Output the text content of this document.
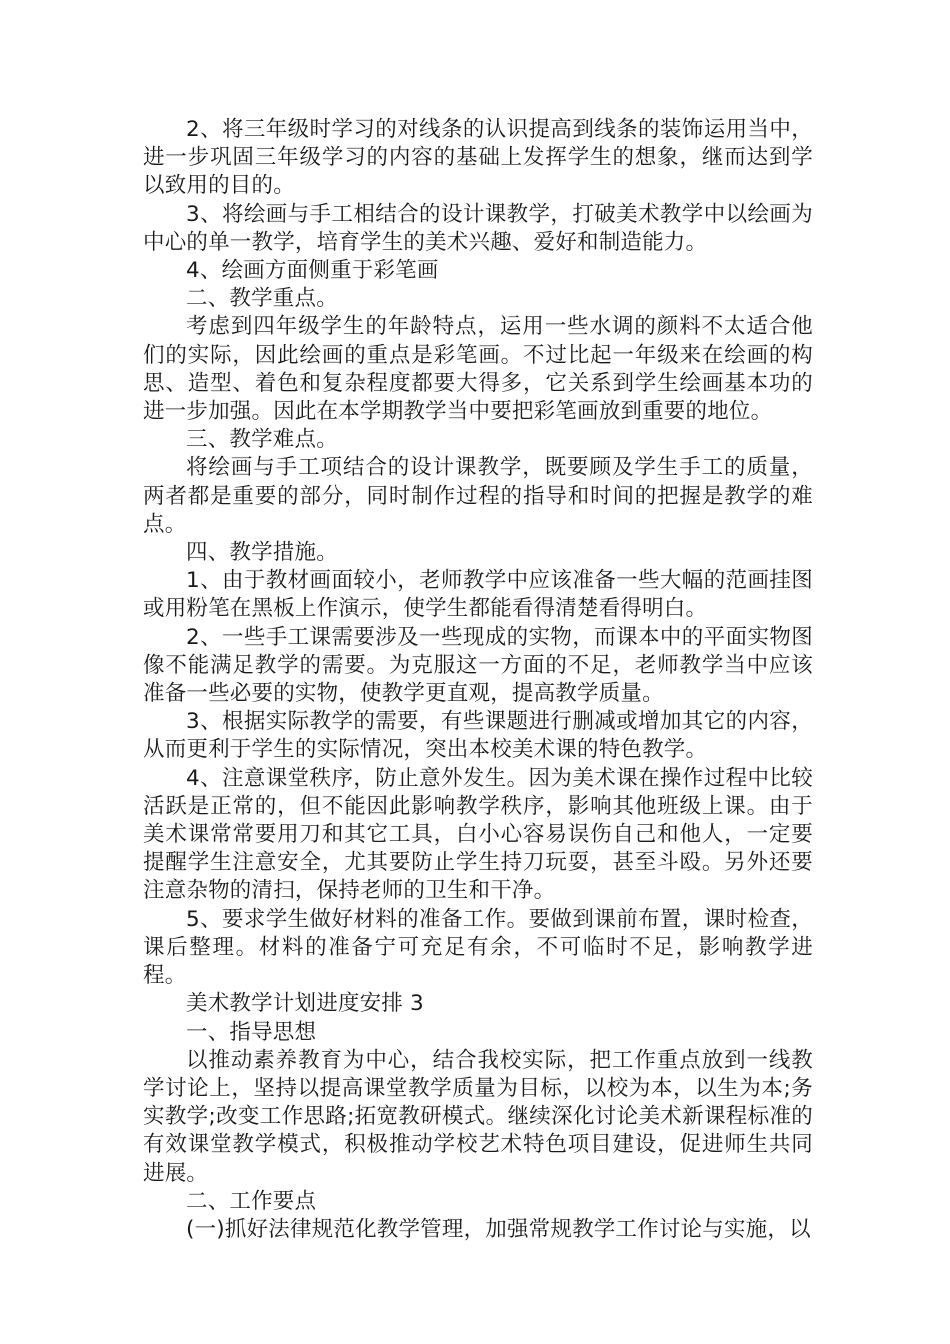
2、将三年级时学习的对线条的认识提高到线条的装饰运用当中，进一步巩固三年级学习的内容的基础上发挥学生的想象，继而达到学以致用的目的。

3、将绘画与手工相结合的设计课教学，打破美术教学中以绘画为中心的单一教学，培育学生的美术兴趣、爱好和制造能力。

4、绘画方面侧重于彩笔画

二、教学重点。

考虑到四年级学生的年龄特点，运用一些水调的颜料不太适合他们的实际，因此绘画的重点是彩笔画。不过比起一年级来在绘画的构思、造型、着色和复杂程度都要大得多，它关系到学生绘画基本功的进一步加强。因此在本学期教学当中要把彩笔画放到重要的地位。

三、教学难点。

将绘画与手工项结合的设计课教学，既要顾及学生手工的质量，两者都是重要的部分，同时制作过程的指导和时间的把握是教学的难点。

四、教学措施。

1、由于教材画面较小，老师教学中应该准备一些大幅的范画挂图或用粉笔在黑板上作演示，使学生都能看得清楚看得明白。

2、一些手工课需要涉及一些现成的实物，而课本中的平面实物图像不能满足教学的需要。为克服这一方面的不足，老师教学当中应该准备一些必要的实物，使教学更直观，提高教学质量。

3、根据实际教学的需要，有些课题进行删减或增加其它的内容，从而更利于学生的实际情况，突出本校美术课的特色教学。

4、注意课堂秩序，防止意外发生。因为美术课在操作过程中比较活跃是正常的，但不能因此影响教学秩序，影响其他班级上课。由于美术课常常要用刀和其它工具，白小心容易误伤自己和他人，一定要提醒学生注意安全，尤其要防止学生持刀玩耍，甚至斗殴。另外还要注意杂物的清扫，保持老师的卫生和干净。

5、要求学生做好材料的准备工作。要做到课前布置，课时检查，课后整理。材料的准备宁可充足有余，不可临时不足，影响教学进程。

美术教学计划进度安排 3

一、指导思想

以推动素养教育为中心，结合我校实际，把工作重点放到一线教学讨论上，坚持以提高课堂教学质量为目标，以校为本，以生为本;务实教学;改变工作思路;拓宽教研模式。继续深化讨论美术新课程标准的有效课堂教学模式，积极推动学校艺术特色项目建设，促进师生共同进展。

二、工作要点

(一)抓好法律规范化教学管理，加强常规教学工作讨论与实施，以
